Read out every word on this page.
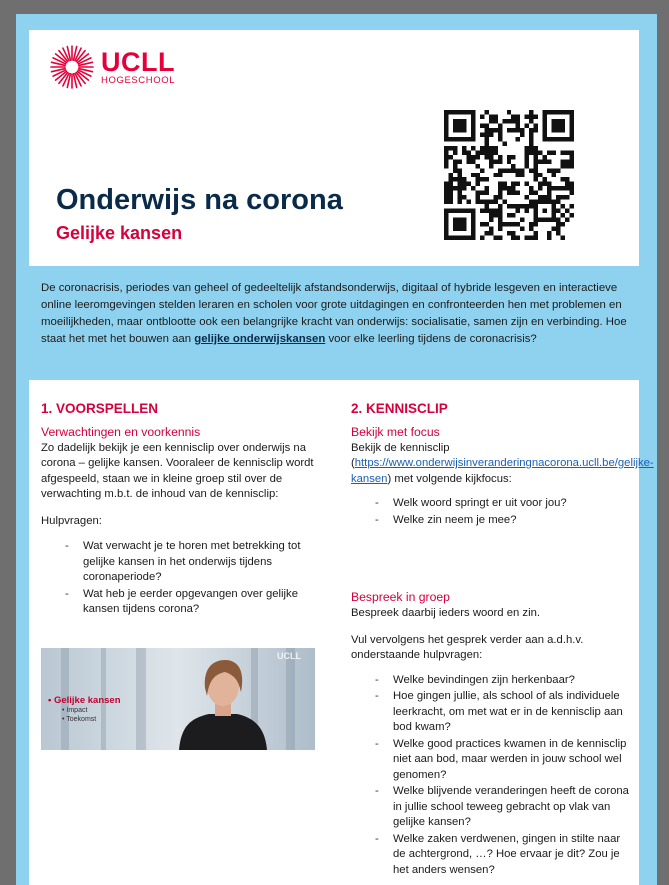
UCLL
HOGESCHOOL
Onderwijs na corona
Gelijke kansen

De coronacrisis, periodes van geheel of gedeeltelijk afstandsonderwijs, digitaal of hybride lesgeven en interactieve online leeromgevingen stelden leraren en scholen voor grote uitdagingen en confronteerden hen met problemen en moeilijkheden, maar ontblootte ook een belangrijke kracht van onderwijs: socialisatie, samen zijn en verbinding. Hoe staat het met het bouwen aan gelijke onderwijskansen voor elke leerling tijdens de coronacrisis?

1. VOORSPELLEN
Verwachtingen en voorkennis
Zo dadelijk bekijk je een kennisclip over onderwijs na corona – gelijke kansen. Vooraleer de kennisclip wordt afgespeeld, staan we in kleine groep stil over de verwachting m.b.t. de inhoud van de kennisclip:
Hulpvragen:
- Wat verwacht je te horen met betrekking tot gelijke kansen in het onderwijs tijdens coronaperiode?
- Wat heb je eerder opgevangen over gelijke kansen tijdens corona?
• Gelijke kansen
• Impact
• Toekomst
UCLL
2. KENNISCLIP
Bekijk met focus
Bekijk de kennisclip
(https://www.onderwijsinveranderingnacorona.ucll.be/gelijke-kansen) met volgende kijkfocus:
- Welk woord springt er uit voor jou?
- Welke zin neem je mee?
Bespreek in groep
Bespreek daarbij ieders woord en zin.
Vul vervolgens het gesprek verder aan a.d.h.v. onderstaande hulpvragen:
- Welke bevindingen zijn herkenbaar?
- Hoe gingen jullie, als school of als individuele leerkracht, om met wat er in de kennisclip aan bod kwam?
- Welke good practices kwamen in de kennisclip niet aan bod, maar werden in jouw school wel genomen?
- Welke blijvende veranderingen heeft de corona in jullie school teweeg gebracht op vlak van gelijke kansen?
- Welke zaken verdwenen, gingen in stilte naar de achtergrond, …? Hoe ervaar je dit? Zou je het anders wensen?
